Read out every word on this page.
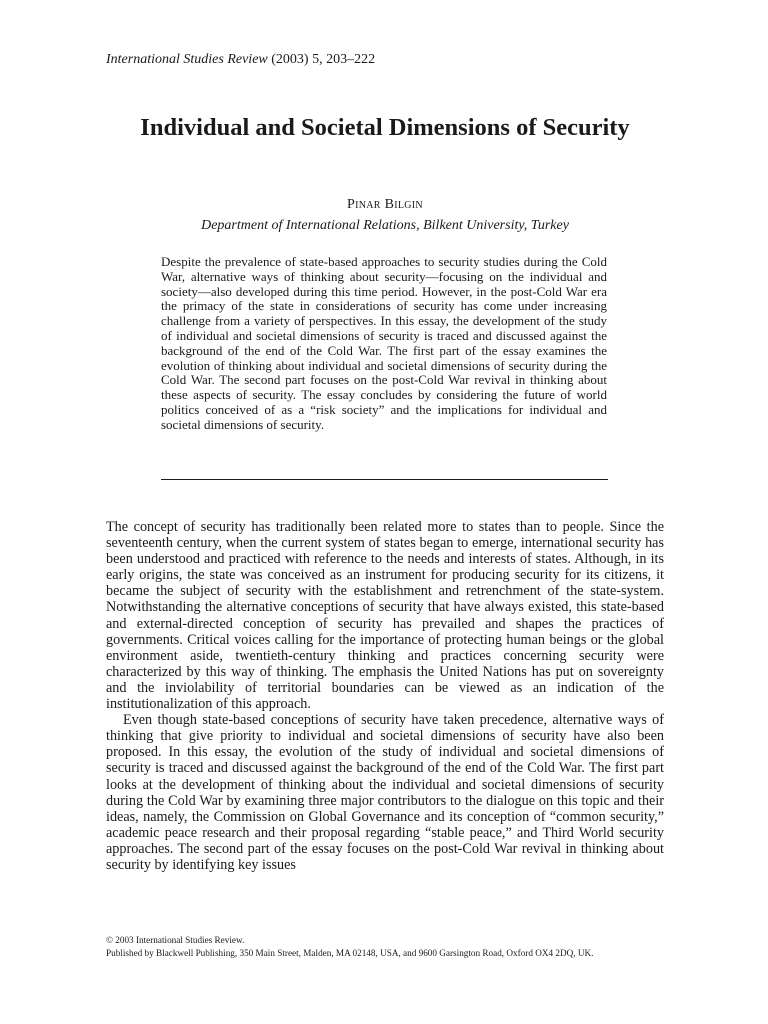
International Studies Review (2003) 5, 203–222
Individual and Societal Dimensions of Security
Pinar Bilgin
Department of International Relations, Bilkent University, Turkey

Despite the prevalence of state-based approaches to security studies during the Cold War, alternative ways of thinking about security—focusing on the individual and society—also developed during this time period. However, in the post-Cold War era the primacy of the state in considerations of security has come under increasing challenge from a variety of perspectives. In this essay, the development of the study of individual and societal dimensions of security is traced and discussed against the background of the end of the Cold War. The first part of the essay examines the evolution of thinking about individual and societal dimensions of security during the Cold War. The second part focuses on the post-Cold War revival in thinking about these aspects of security. The essay concludes by considering the future of world politics conceived of as a “risk society” and the implications for individual and societal dimensions of security.

The concept of security has traditionally been related more to states than to people. Since the seventeenth century, when the current system of states began to emerge, international security has been understood and practiced with reference to the needs and interests of states. Although, in its early origins, the state was conceived as an instrument for producing security for its citizens, it became the subject of security with the establishment and retrenchment of the state-system. Notwithstanding the alternative conceptions of security that have always existed, this state-based and external-directed conception of security has prevailed and shapes the practices of governments. Critical voices calling for the importance of protecting human beings or the global environment aside, twentieth-century thinking and practices concerning security were characterized by this way of thinking. The emphasis the United Nations has put on sovereignty and the inviolability of territorial boundaries can be viewed as an indication of the institutionalization of this approach.

Even though state-based conceptions of security have taken precedence, alternative ways of thinking that give priority to individual and societal dimensions of security have also been proposed. In this essay, the evolution of the study of individual and societal dimensions of security is traced and discussed against the background of the end of the Cold War. The first part looks at the development of thinking about the individual and societal dimensions of security during the Cold War by examining three major contributors to the dialogue on this topic and their ideas, namely, the Commission on Global Governance and its conception of “common security,” academic peace research and their proposal regarding “stable peace,” and Third World security approaches. The second part of the essay focuses on the post-Cold War revival in thinking about security by identifying key issues

© 2003 International Studies Review.
Published by Blackwell Publishing, 350 Main Street, Malden, MA 02148, USA, and 9600 Garsington Road, Oxford OX4 2DQ, UK.
